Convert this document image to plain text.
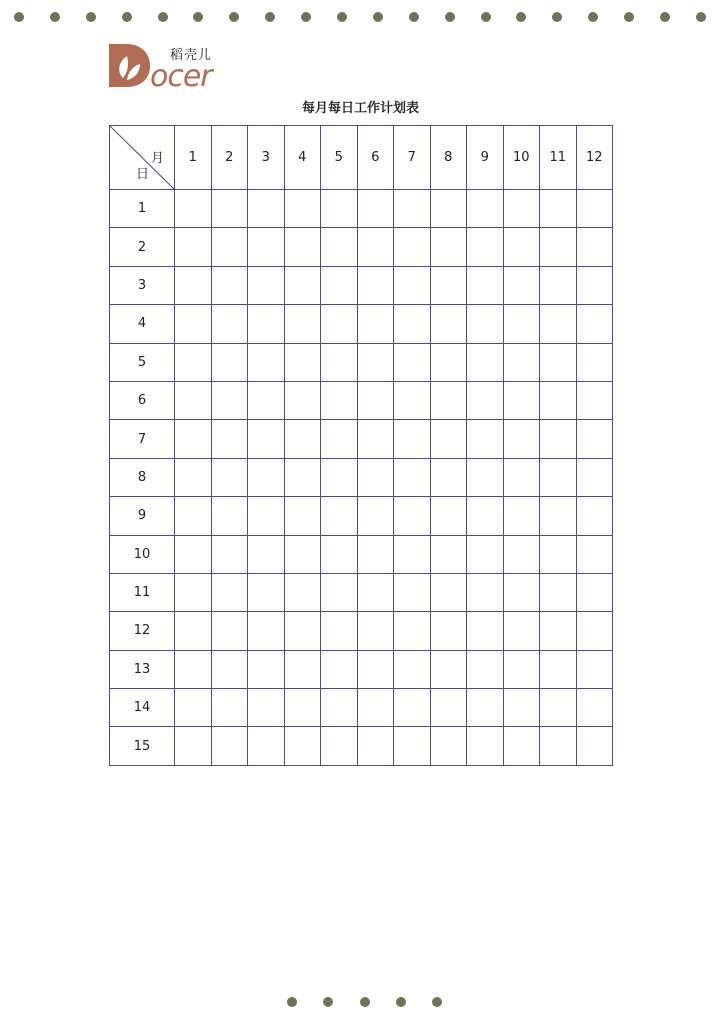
ocer
稻壳儿
每月每日工作计划表
月
日	1	2	3	4	5	6	7	8	9	10	11	12
1												
2												
3												
4												
5												
6												
7												
8												
9												
10												
11												
12												
13												
14												
15												
